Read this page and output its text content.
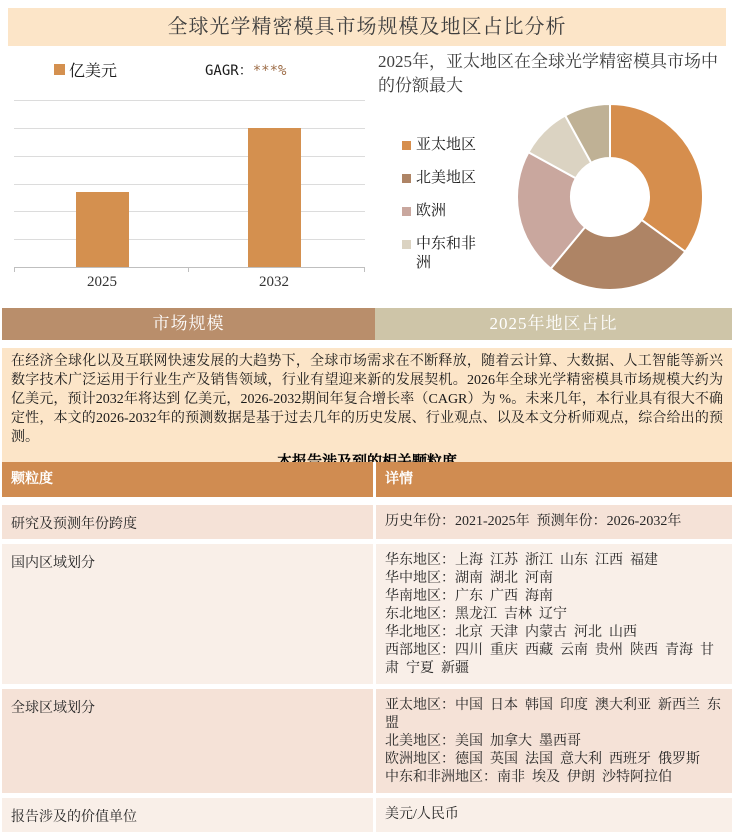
全球光学精密模具市场规模及地区占比分析
亿美元	GAGR：***%
2025	2032
2025年，亚太地区在全球光学精密模具市场中的份额最大
亚太地区
北美地区
欧洲
中东和非洲
市场规模	2025年地区占比

在经济全球化以及互联网快速发展的大趋势下，全球市场需求在不断释放，随着云计算、大数据、人工智能等新兴数字技术广泛运用于行业生产及销售领域，行业有望迎来新的发展契机。2026年全球光学精密模具市场规模大约为 亿美元，预计2032年将达到 亿美元，2026-2032期间年复合增长率（CAGR）为 %。未来几年，本行业具有很大不确定性，本文的2026-2032年的预测数据是基于过去几年的历史发展、行业观点、以及本文分析师观点，综合给出的预测。

颗粒度	详情
研究及预测年份跨度	历史年份：2021-2025年  预测年份：2026-2032年
国内区域划分	华东地区：上海  江苏  浙江  山东  江西  福建
华中地区：湖南  湖北  河南
华南地区：广东  广西  海南
东北地区：黑龙江  吉林  辽宁
华北地区：北京  天津  内蒙古  河北  山西
西部地区：四川  重庆  西藏  云南  贵州  陕西  青海  甘肃  宁夏  新疆
全球区域划分	亚太地区：中国  日本  韩国  印度  澳大利亚  新西兰  东盟
北美地区：美国  加拿大  墨西哥
欧洲地区：德国  英国  法国  意大利  西班牙  俄罗斯
中东和非洲地区：南非  埃及  伊朗  沙特阿拉伯
报告涉及的价值单位	美元/人民币
